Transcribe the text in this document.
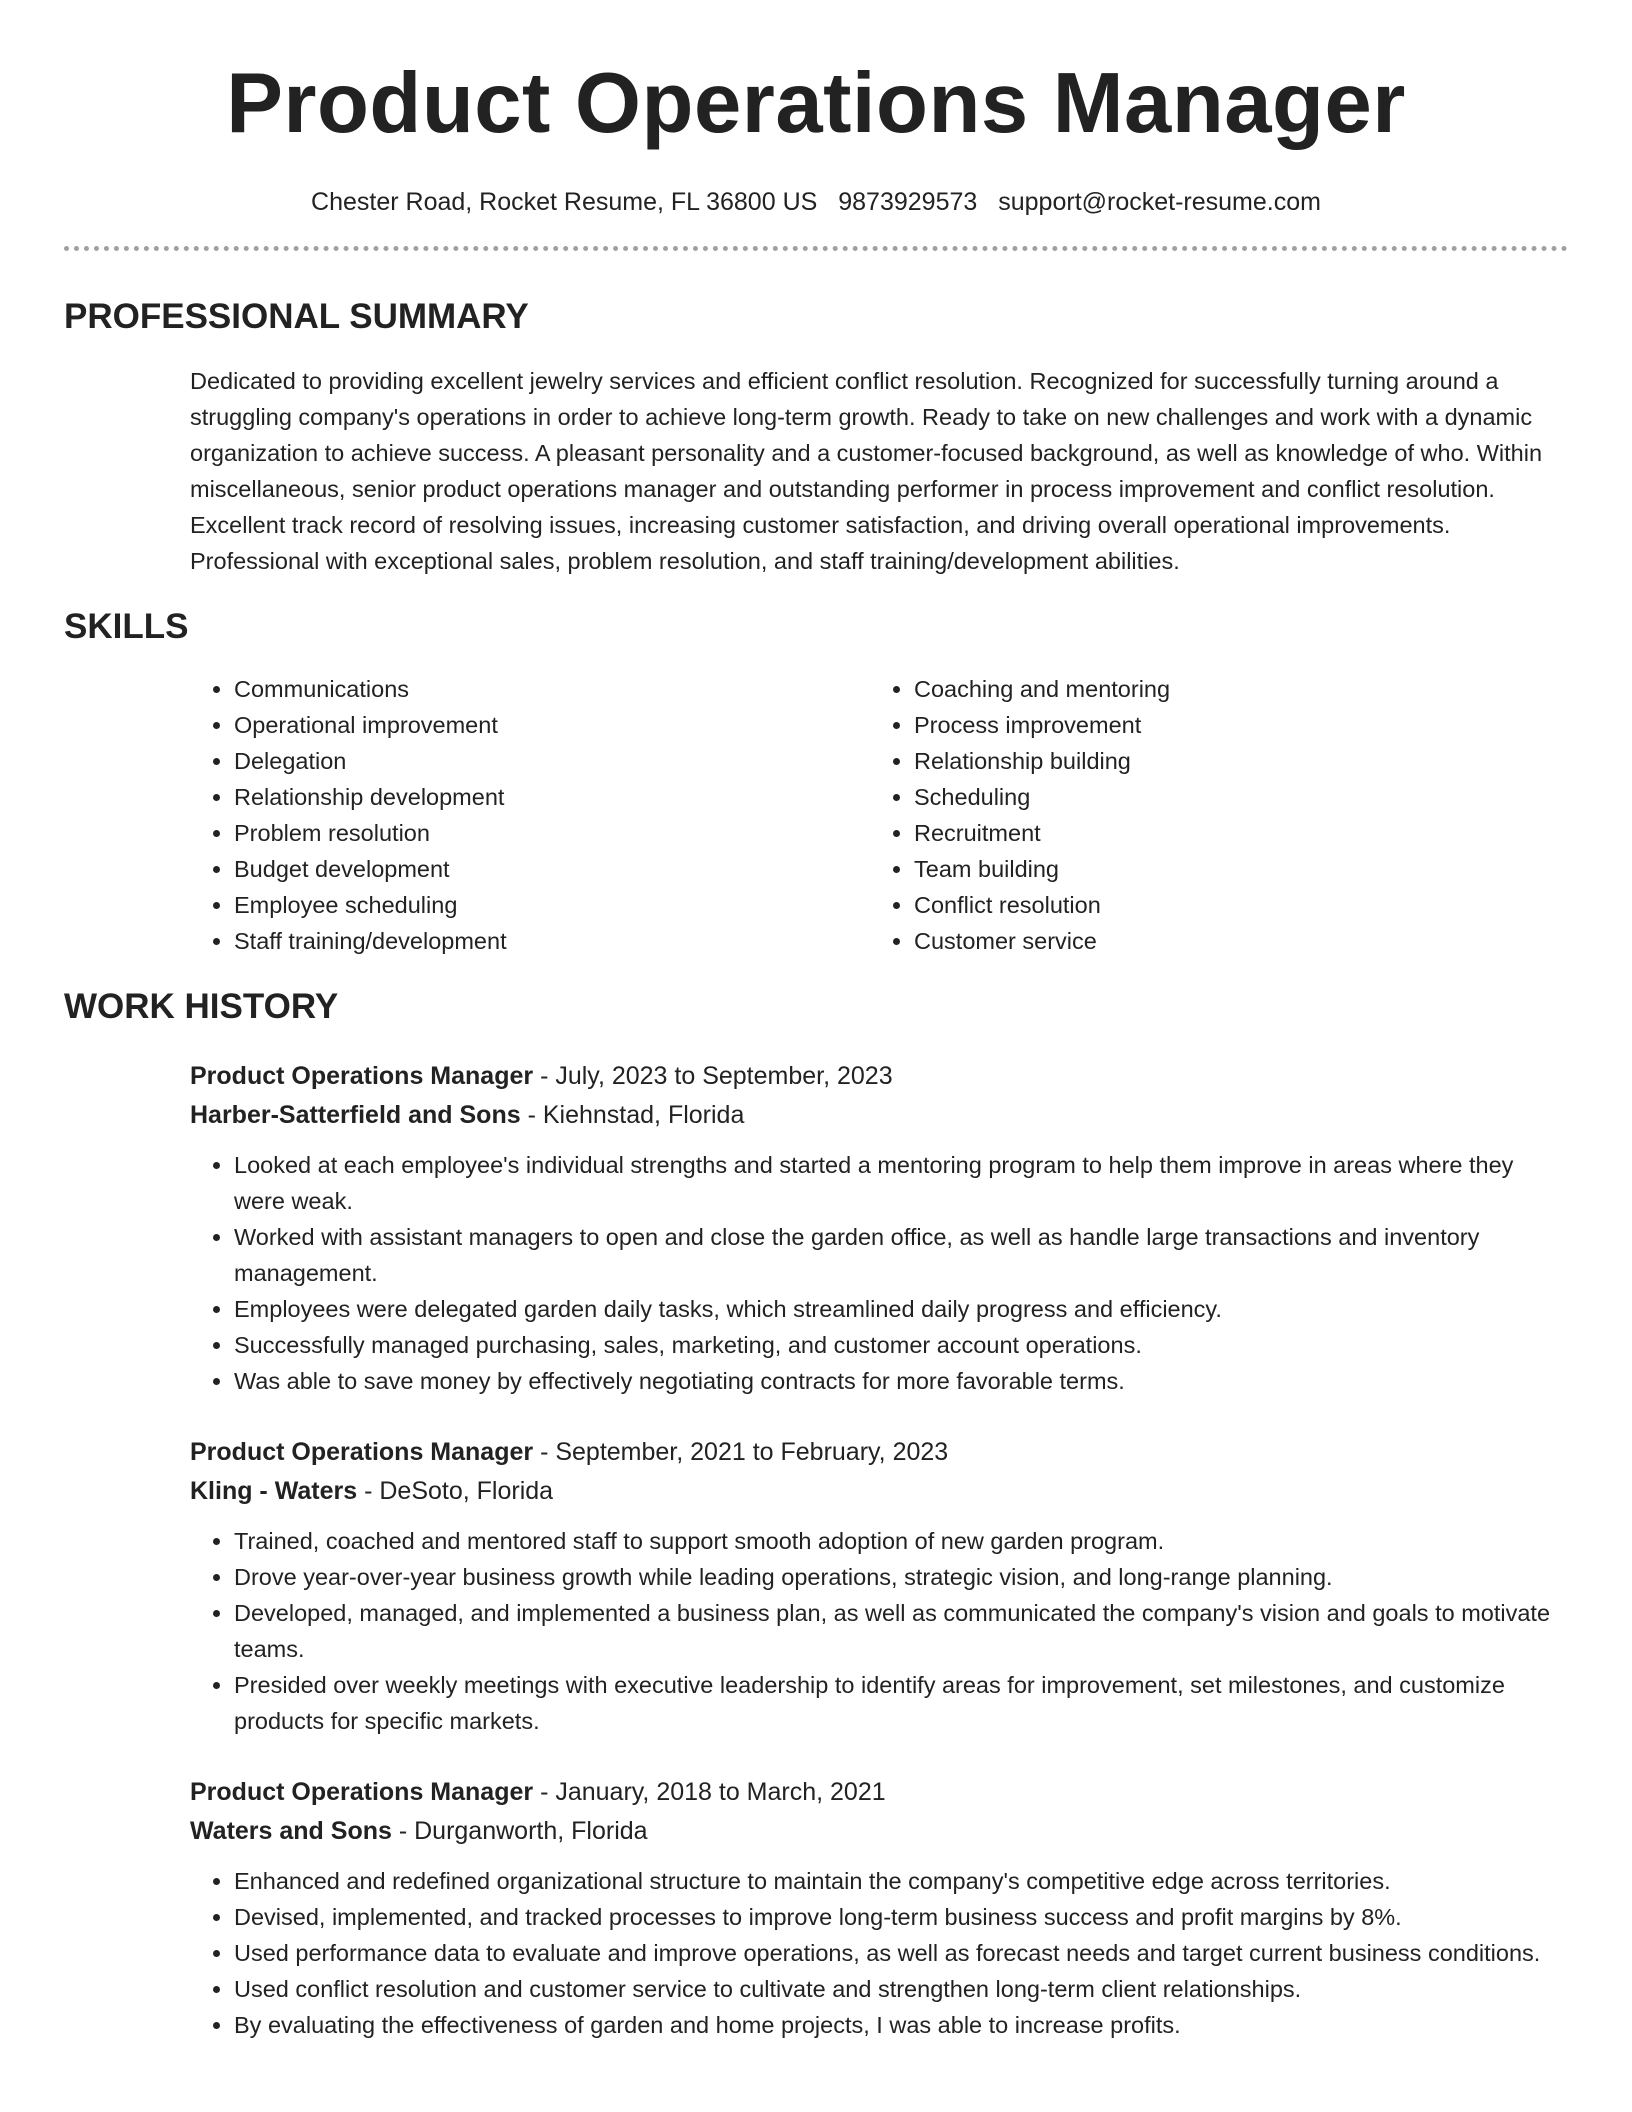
Product Operations Manager
Chester Road, Rocket Resume, FL 36800 US 9873929573 support@rocket-resume.com
PROFESSIONAL SUMMARY
Dedicated to providing excellent jewelry services and efficient conflict resolution. Recognized for successfully turning around a struggling company's operations in order to achieve long-term growth. Ready to take on new challenges and work with a dynamic organization to achieve success. A pleasant personality and a customer-focused background, as well as knowledge of who. Within miscellaneous, senior product operations manager and outstanding performer in process improvement and conflict resolution. Excellent track record of resolving issues, increasing customer satisfaction, and driving overall operational improvements. Professional with exceptional sales, problem resolution, and staff training/development abilities.
SKILLS
• Communications
• Operational improvement
• Delegation
• Relationship development
• Problem resolution
• Budget development
• Employee scheduling
• Staff training/development
• Coaching and mentoring
• Process improvement
• Relationship building
• Scheduling
• Recruitment
• Team building
• Conflict resolution
• Customer service
WORK HISTORY
Product Operations Manager - July, 2023 to September, 2023
Harber-Satterfield and Sons - Kiehnstad, Florida
• Looked at each employee's individual strengths and started a mentoring program to help them improve in areas where they were weak.
• Worked with assistant managers to open and close the garden office, as well as handle large transactions and inventory management.
• Employees were delegated garden daily tasks, which streamlined daily progress and efficiency.
• Successfully managed purchasing, sales, marketing, and customer account operations.
• Was able to save money by effectively negotiating contracts for more favorable terms.
Product Operations Manager - September, 2021 to February, 2023
Kling - Waters - DeSoto, Florida
• Trained, coached and mentored staff to support smooth adoption of new garden program.
• Drove year-over-year business growth while leading operations, strategic vision, and long-range planning.
• Developed, managed, and implemented a business plan, as well as communicated the company's vision and goals to motivate teams.
• Presided over weekly meetings with executive leadership to identify areas for improvement, set milestones, and customize products for specific markets.
Product Operations Manager - January, 2018 to March, 2021
Waters and Sons - Durganworth, Florida
• Enhanced and redefined organizational structure to maintain the company's competitive edge across territories.
• Devised, implemented, and tracked processes to improve long-term business success and profit margins by 8%.
• Used performance data to evaluate and improve operations, as well as forecast needs and target current business conditions.
• Used conflict resolution and customer service to cultivate and strengthen long-term client relationships.
• By evaluating the effectiveness of garden and home projects, I was able to increase profits.
